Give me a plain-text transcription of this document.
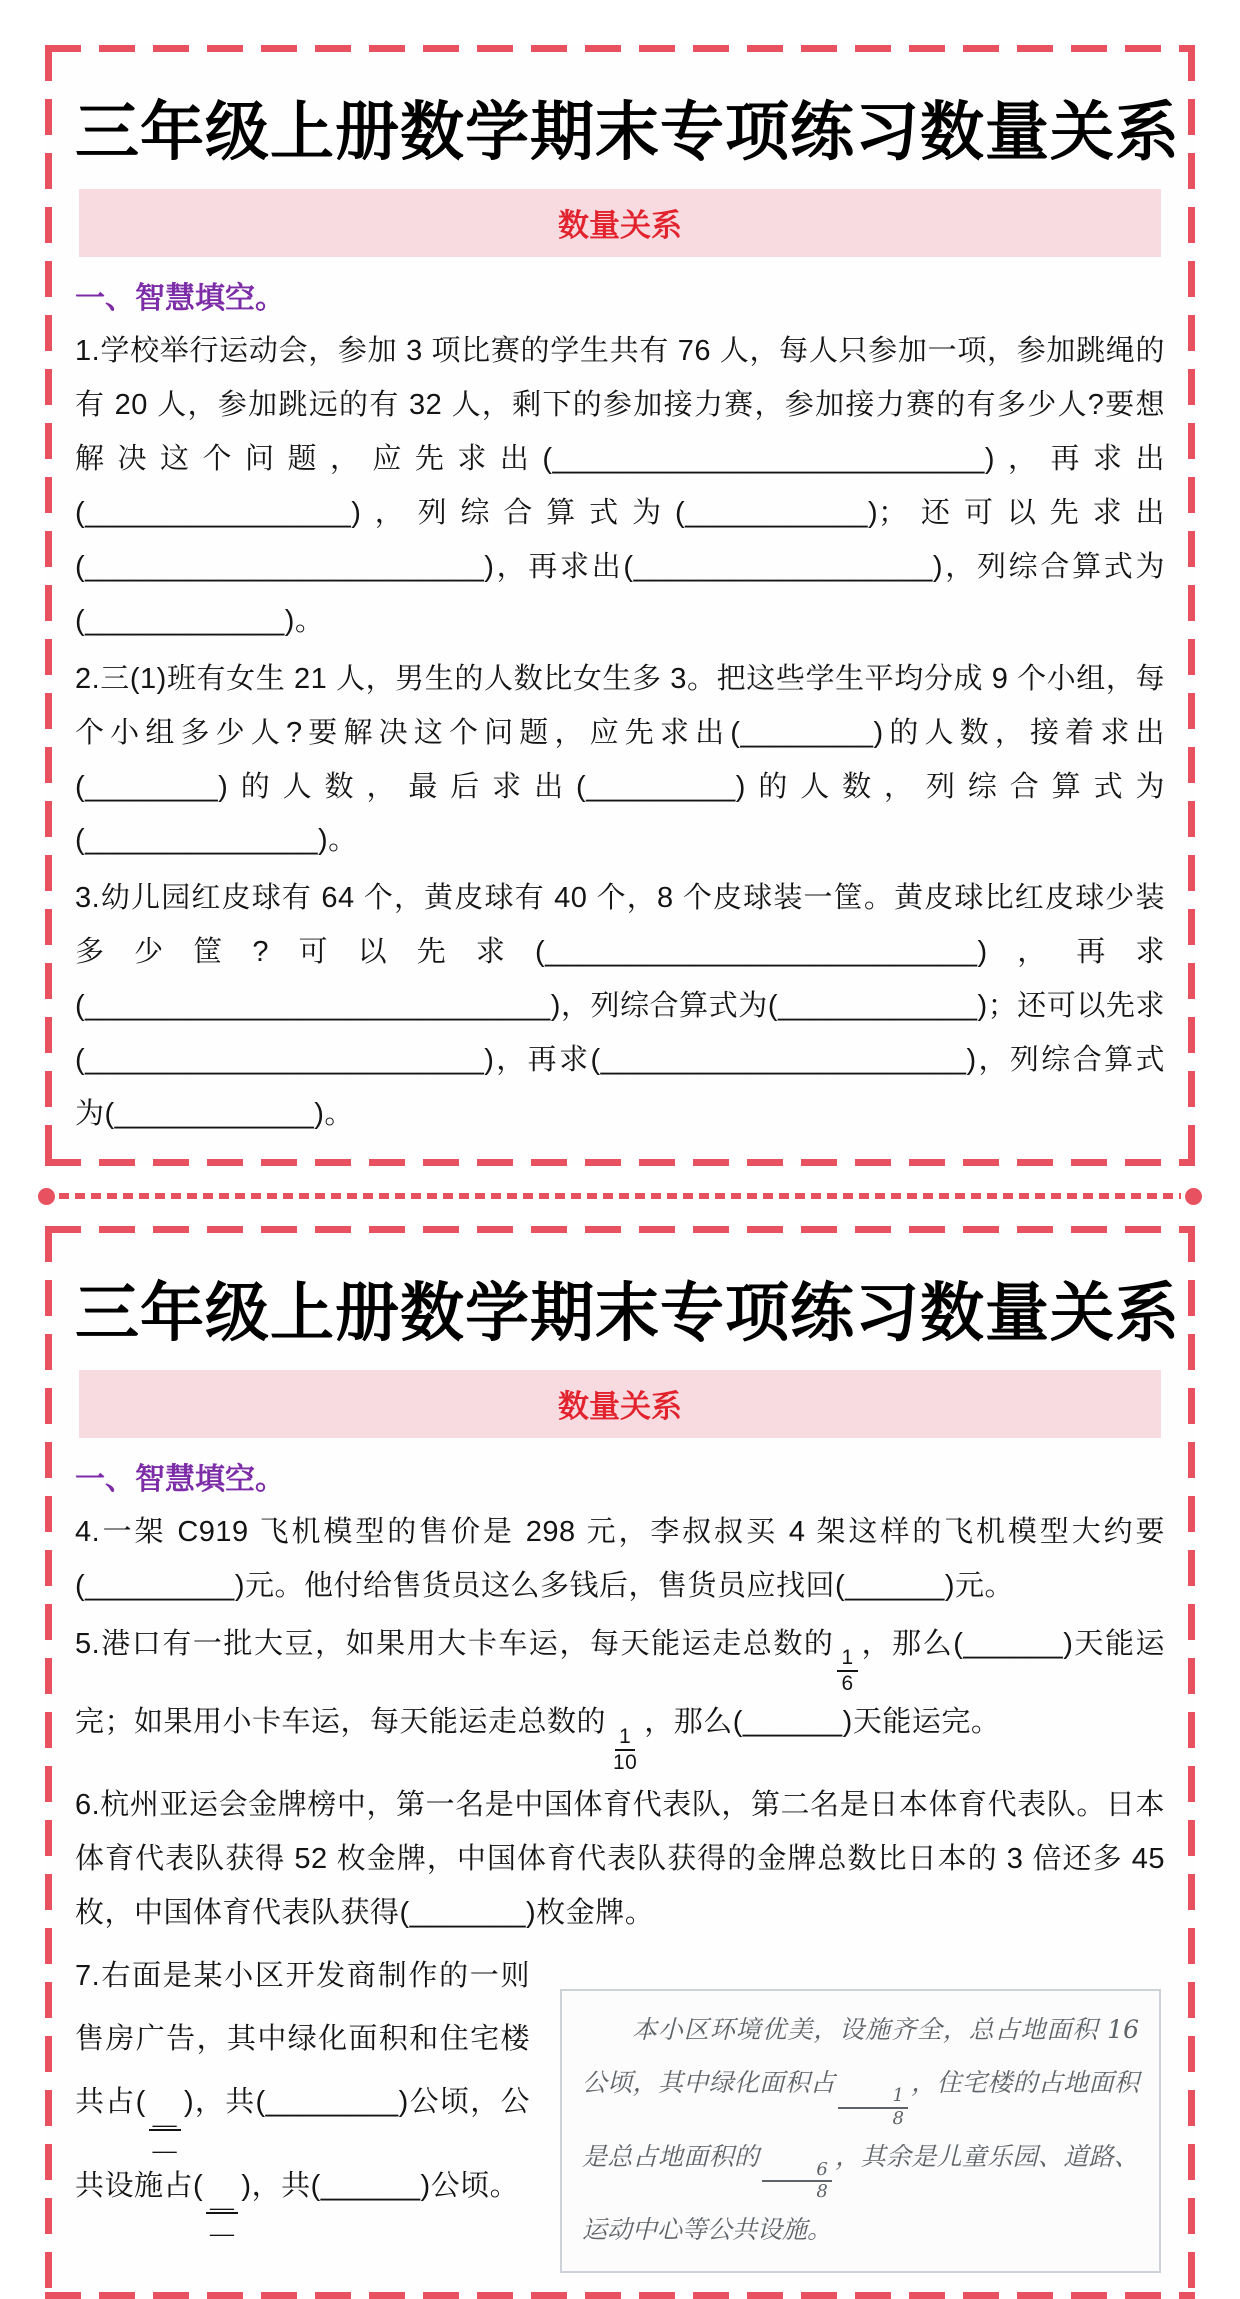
三年级上册数学期末专项练习数量关系
数量关系
一、智慧填空。

1.学校举行运动会，参加 3 项比赛的学生共有 76 人，每人只参加一项，参加跳绳的有 20 人，参加跳远的有 32 人，剩下的参加接力赛，参加接力赛的有多少人?要想解决这个问题，应先求出(__________________________)，再求出(________________)，列综合算式为(___________)；还可以先求出(________________________)，再求出(__________________)，列综合算式为(____________)。

2.三(1)班有女生 21 人，男生的人数比女生多 3。把这些学生平均分成 9 个小组，每个小组多少人?要解决这个问题，应先求出(________)的人数，接着求出(________)的人数，最后求出(_________)的人数，列综合算式为(______________)。

3.幼儿园红皮球有 64 个，黄皮球有 40 个，8 个皮球装一筐。黄皮球比红皮球少装多少筐?可以先求(__________________________)，再求(____________________________)，列综合算式为(____________)；还可以先求(________________________)，再求(______________________)，列综合算式为(____________)。

三年级上册数学期末专项练习数量关系
数量关系
一、智慧填空。

4.一架 C919 飞机模型的售价是 298 元，李叔叔买 4 架这样的飞机模型大约要(_________)元。他付给售货员这么多钱后，售货员应找回(______)元。

5.港口有一批大豆，如果用大卡车运，每天能运走总数的
$\frac{1}{6}$
，那么(______)天能运完；如果用小卡车运，每天能运走总数的
$\frac{1}{10}$
，那么(______)天能运完。

6.杭州亚运会金牌榜中，第一名是中国体育代表队，第二名是日本体育代表队。日本体育代表队获得 52 枚金牌，中国体育代表队获得的金牌总数比日本的 3 倍还多 45 枚，中国体育代表队获得(_______)枚金牌。

7.右面是某小区开发商制作的一则售房广告，其中绿化面积和住宅楼共占(
$\frac{\_\_}{\_\_}$
)，共(________)公顷，公共设施占(
$\frac{\_\_}{\_\_}$
)，共(______)公顷。

本小区环境优美，设施齐全，总占地面积 16 公顷，其中绿化面积占
$\frac{1}{8}$
，住宅楼的占地面积是总占地面积的
$\frac{6}{8}$
，其余是儿童乐园、道路、运动中心等公共设施。
